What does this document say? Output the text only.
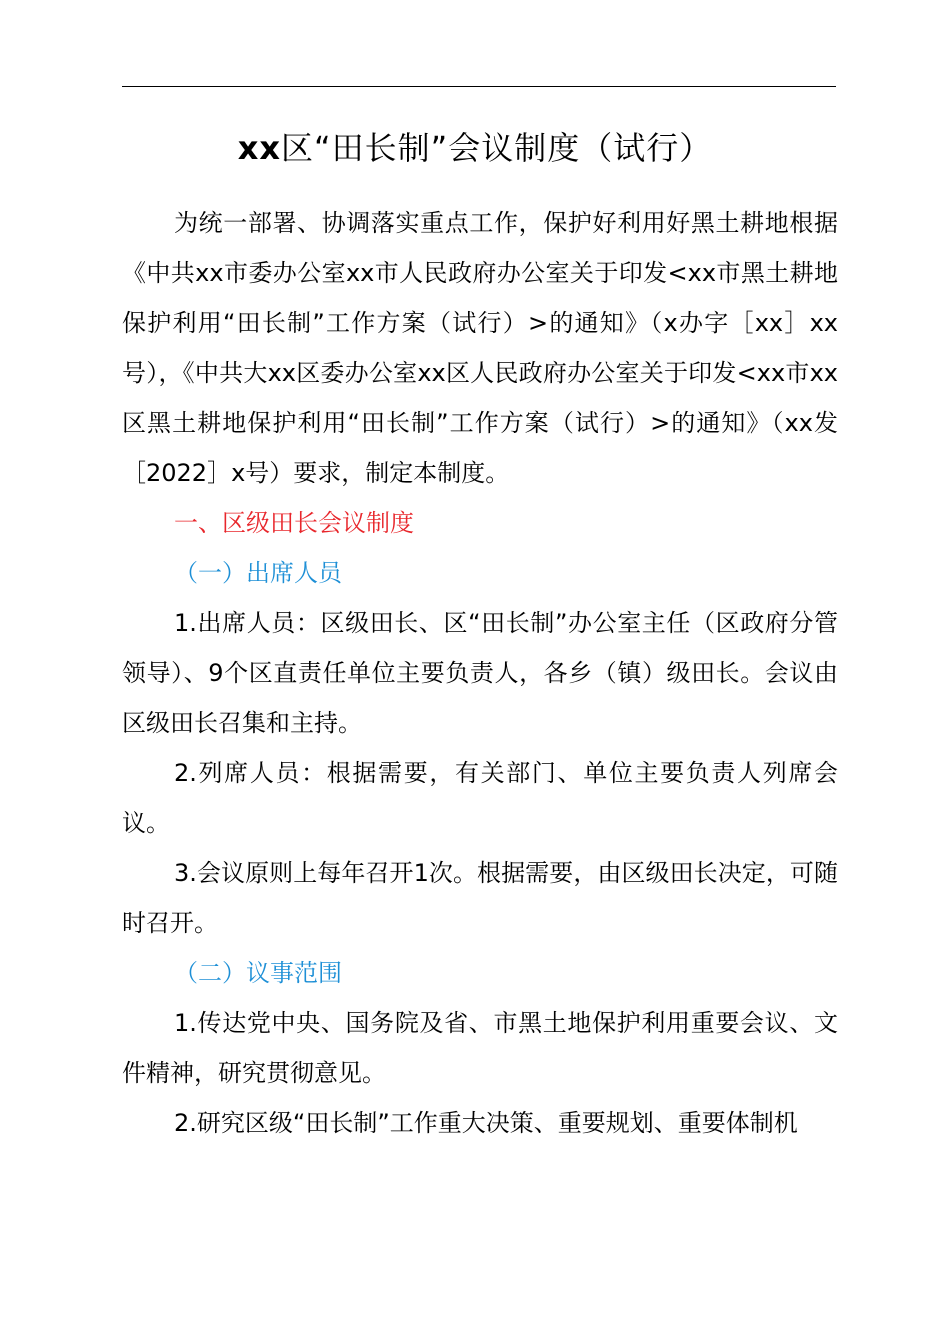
xx区“田长制”会议制度（试行）

为统一部署、协调落实重点工作，保护好利用好黑土耕地根据《中共xx市委办公室xx市人民政府办公室关于印发<xx市黑土耕地保护利用“田长制”工作方案（试行）>的通知》（x办字［xx］xx号），《中共大xx区委办公室xx区人民政府办公室关于印发<xx市xx区黑土耕地保护利用“田长制”工作方案（试行）>的通知》（xx发［2022］x号）要求，制定本制度。

一、区级田长会议制度

（一）出席人员

1.出席人员：区级田长、区“田长制”办公室主任（区政府分管领导）、9个区直责任单位主要负责人，各乡（镇）级田长。会议由区级田长召集和主持。

2.列席人员：根据需要，有关部门、单位主要负责人列席会议。

3.会议原则上每年召开1次。根据需要，由区级田长决定，可随时召开。

（二）议事范围

1.传达党中央、国务院及省、市黑土地保护利用重要会议、文件精神，研究贯彻意见。

2.研究区级“田长制”工作重大决策、重要规划、重要体制机
